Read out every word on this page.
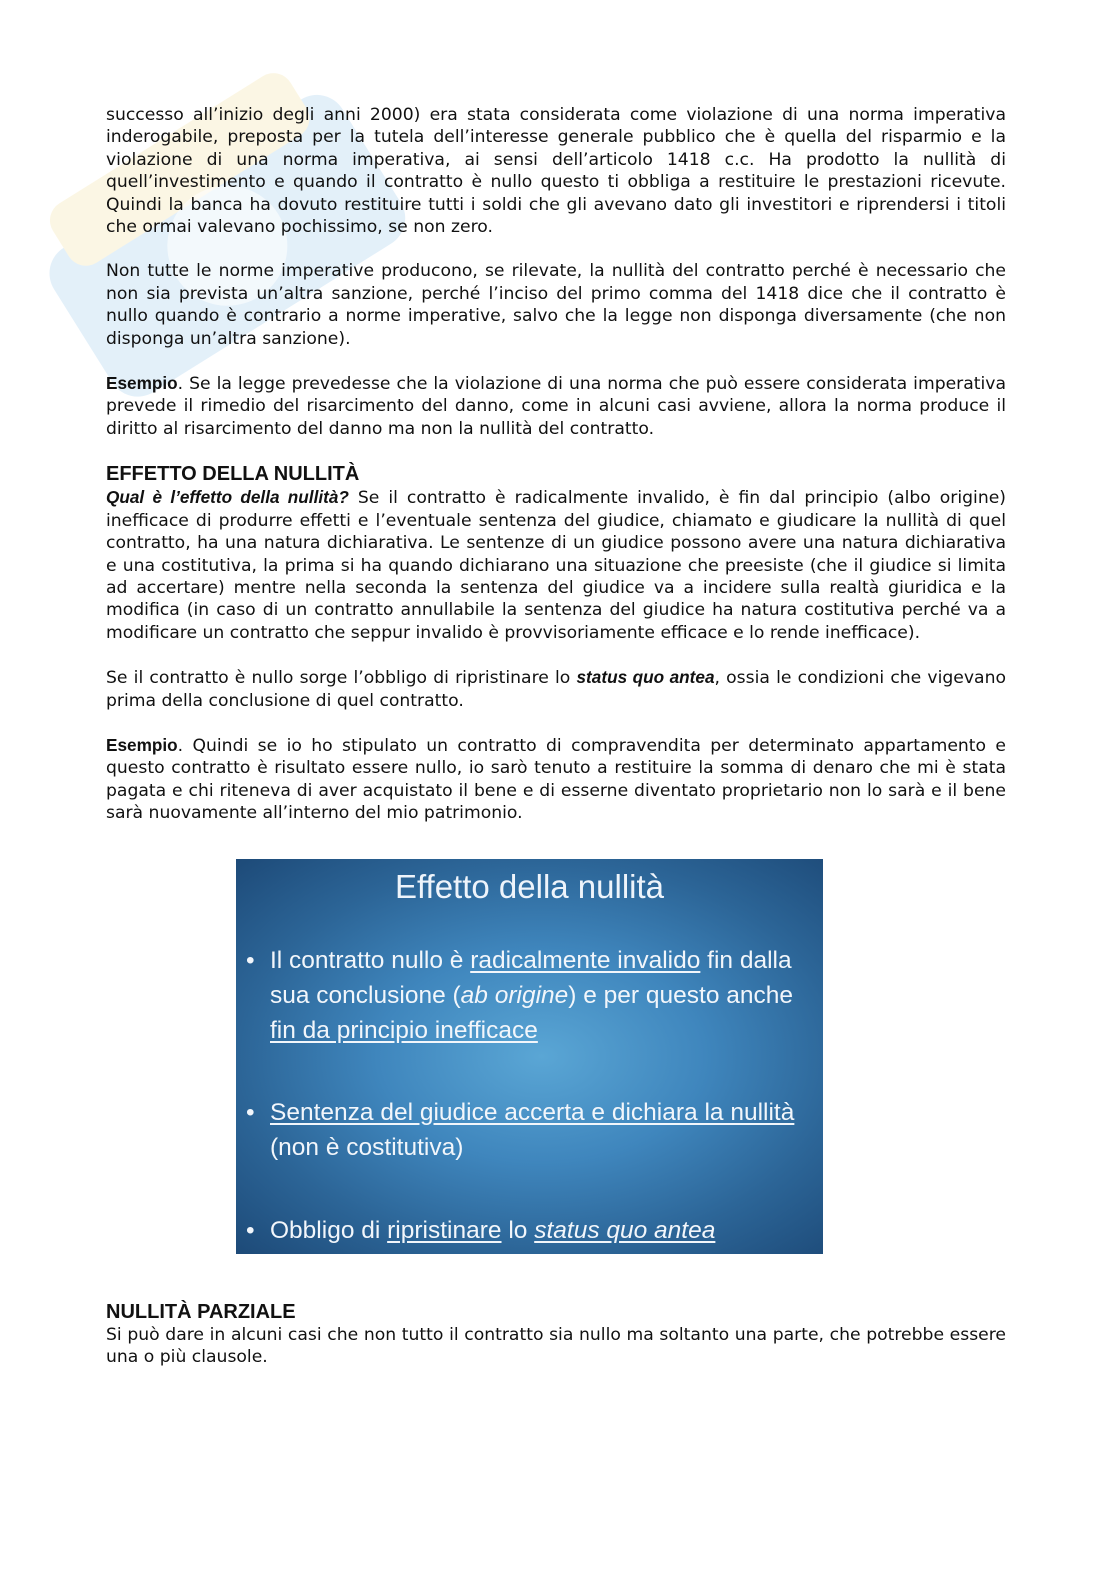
successo all’inizio degli anni 2000) era stata considerata come violazione di una norma imperativa inderogabile, preposta per la tutela dell’interesse generale pubblico che è quella del risparmio e la violazione di una norma imperativa, ai sensi dell’articolo 1418 c.c. Ha prodotto la nullità di quell’investimento e quando il contratto è nullo questo ti obbliga a restituire le prestazioni ricevute. Quindi la banca ha dovuto restituire tutti i soldi che gli avevano dato gli investitori e riprendersi i titoli che ormai valevano pochissimo, se non zero.

Non tutte le norme imperative producono, se rilevate, la nullità del contratto perché è necessario che non sia prevista un’altra sanzione, perché l’inciso del primo comma del 1418 dice che il contratto è nullo quando è contrario a norme imperative, salvo che la legge non disponga diversamente (che non disponga un’altra sanzione).

Esempio. Se la legge prevedesse che la violazione di una norma che può essere considerata imperativa prevede il rimedio del risarcimento del danno, come in alcuni casi avviene, allora la norma produce il diritto al risarcimento del danno ma non la nullità del contratto.

EFFETTO DELLA NULLITÀ

Qual è l’effetto della nullità? Se il contratto è radicalmente invalido, è fin dal principio (albo origine) inefficace di produrre effetti e l’eventuale sentenza del giudice, chiamato e giudicare la nullità di quel contratto, ha una natura dichiarativa. Le sentenze di un giudice possono avere una natura dichiarativa e una costitutiva, la prima si ha quando dichiarano una situazione che preesiste (che il giudice si limita ad accertare) mentre nella seconda la sentenza del giudice va a incidere sulla realtà giuridica e la modifica (in caso di un contratto annullabile la sentenza del giudice ha natura costitutiva perché va a modificare un contratto che seppur invalido è provvisoriamente efficace e lo rende inefficace).

Se il contratto è nullo sorge l’obbligo di ripristinare lo status quo antea, ossia le condizioni che vigevano prima della conclusione di quel contratto.

Esempio. Quindi se io ho stipulato un contratto di compravendita per determinato appartamento e questo contratto è risultato essere nullo, io sarò tenuto a restituire la somma di denaro che mi è stata pagata e chi riteneva di aver acquistato il bene e di esserne diventato proprietario non lo sarà e il bene sarà nuovamente all’interno del mio patrimonio.

Effetto della nullità
• Il contratto nullo è radicalmente invalido fin dalla sua conclusione (ab origine) e per questo anche fin da principio inefficace
• Sentenza del giudice accerta e dichiara la nullità (non è costitutiva)
• Obbligo di ripristinare lo status quo antea
NULLITÀ PARZIALE

Si può dare in alcuni casi che non tutto il contratto sia nullo ma soltanto una parte, che potrebbe essere una o più clausole.
